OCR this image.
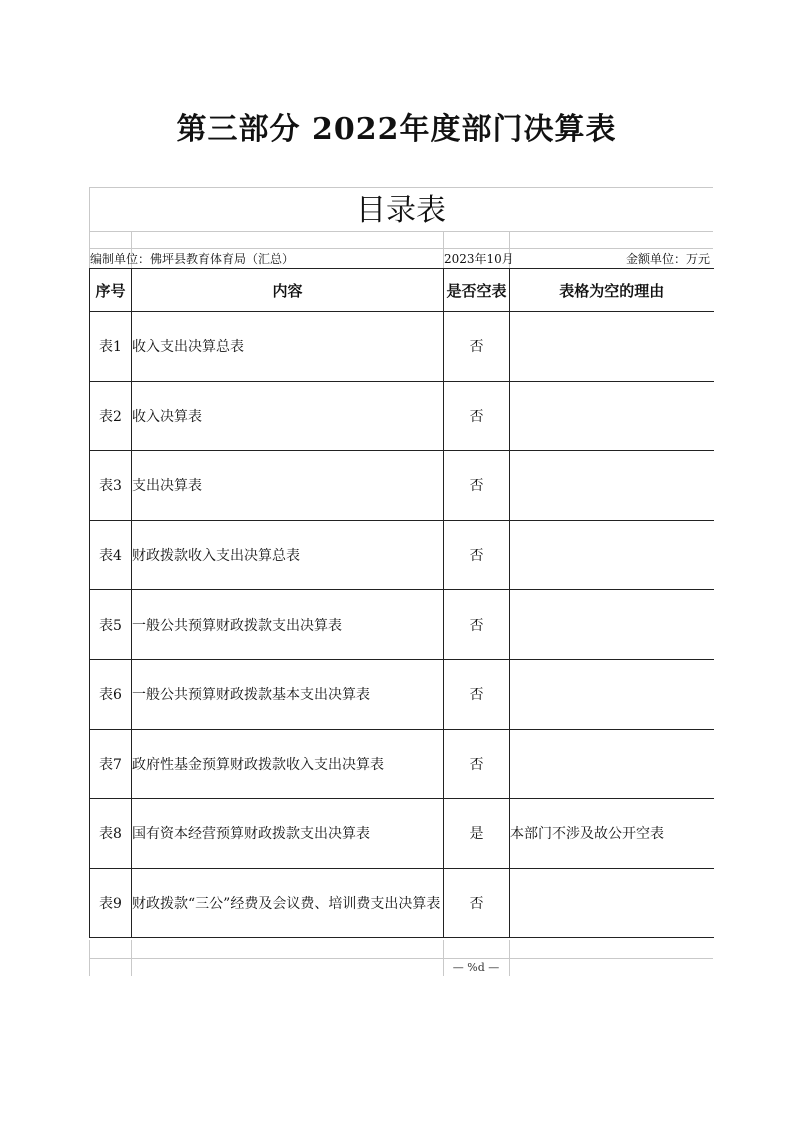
第三部分 2022年度部门决算表
目录表
编制单位：佛坪县教育体育局（汇总）	2023年10月	金额单位：万元
序号	内容	是否空表	表格为空的理由
表1	收入支出决算总表	否	
表2	收入决算表	否	
表3	支出决算表	否	
表4	财政拨款收入支出决算总表	否	
表5	一般公共预算财政拨款支出决算表	否	
表6	一般公共预算财政拨款基本支出决算表	否	
表7	政府性基金预算财政拨款收入支出决算表	否	
表8	国有资本经营预算财政拨款支出决算表	是	本部门不涉及故公开空表
表9	财政拨款“三公”经费及会议费、培训费支出决算表	否	
— %d —
